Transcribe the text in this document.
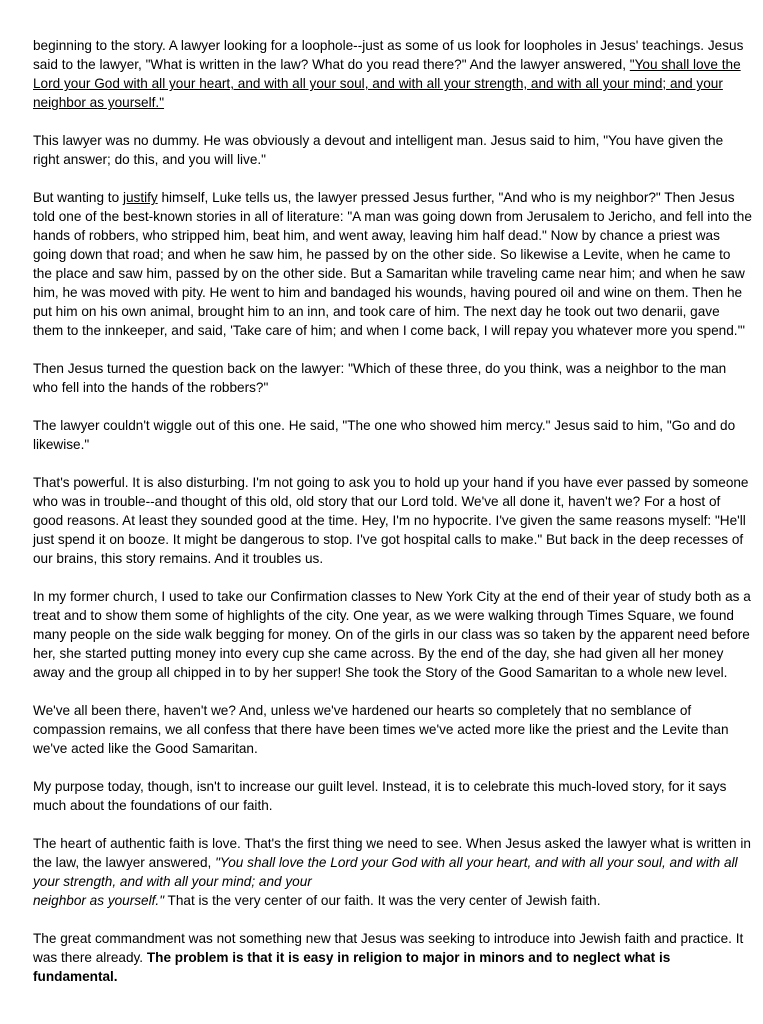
beginning to the story. A lawyer looking for a loophole--just as some of us look for loopholes in Jesus' teachings. Jesus said to the lawyer, "What is written in the law? What do you read there?" And the lawyer answered, "You shall love the Lord your God with all your heart, and with all your soul, and with all your strength, and with all your mind; and your neighbor as yourself."

This lawyer was no dummy. He was obviously a devout and intelligent man. Jesus said to him, "You have given the right answer; do this, and you will live."

But wanting to justify himself, Luke tells us, the lawyer pressed Jesus further, "And who is my neighbor?" Then Jesus told one of the best-known stories in all of literature: "A man was going down from Jerusalem to Jericho, and fell into the hands of robbers, who stripped him, beat him, and went away, leaving him half dead." Now by chance a priest was going down that road; and when he saw him, he passed by on the other side. So likewise a Levite, when he came to the place and saw him, passed by on the other side. But a Samaritan while traveling came near him; and when he saw him, he was moved with pity. He went to him and bandaged his wounds, having poured oil and wine on them. Then he put him on his own animal, brought him to an inn, and took care of him. The next day he took out two denarii, gave them to the innkeeper, and said, 'Take care of him; and when I come back, I will repay you whatever more you spend.'"

Then Jesus turned the question back on the lawyer: "Which of these three, do you think, was a neighbor to the man who fell into the hands of the robbers?"

The lawyer couldn't wiggle out of this one. He said, "The one who showed him mercy." Jesus said to him, "Go and do likewise."

That's powerful. It is also disturbing. I'm not going to ask you to hold up your hand if you have ever passed by someone who was in trouble--and thought of this old, old story that our Lord told. We've all done it, haven't we? For a host of good reasons. At least they sounded good at the time. Hey, I'm no hypocrite. I've given the same reasons myself: "He'll just spend it on booze. It might be dangerous to stop. I've got hospital calls to make." But back in the deep recesses of our brains, this story remains. And it troubles us.

In my former church, I used to take our Confirmation classes to New York City at the end of their year of study both as a treat and to show them some of highlights of the city. One year, as we were walking through Times Square, we found many people on the side walk begging for money. On of the girls in our class was so taken by the apparent need before her, she started putting money into every cup she came across. By the end of the day, she had given all her money away and the group all chipped in to by her supper! She took the Story of the Good Samaritan to a whole new level.

We've all been there, haven't we? And, unless we've hardened our hearts so completely that no semblance of compassion remains, we all confess that there have been times we've acted more like the priest and the Levite than we've acted like the Good Samaritan.

My purpose today, though, isn't to increase our guilt level. Instead, it is to celebrate this much-loved story, for it says much about the foundations of our faith.

The heart of authentic faith is love. That's the first thing we need to see. When Jesus asked the lawyer what is written in the law, the lawyer answered, "You shall love the Lord your God with all your heart, and with all your soul, and with all your strength, and with all your mind; and your
neighbor as yourself." That is the very center of our faith. It was the very center of Jewish faith.

The great commandment was not something new that Jesus was seeking to introduce into Jewish faith and practice. It was there already. The problem is that it is easy in religion to major in minors and to neglect what is fundamental.
